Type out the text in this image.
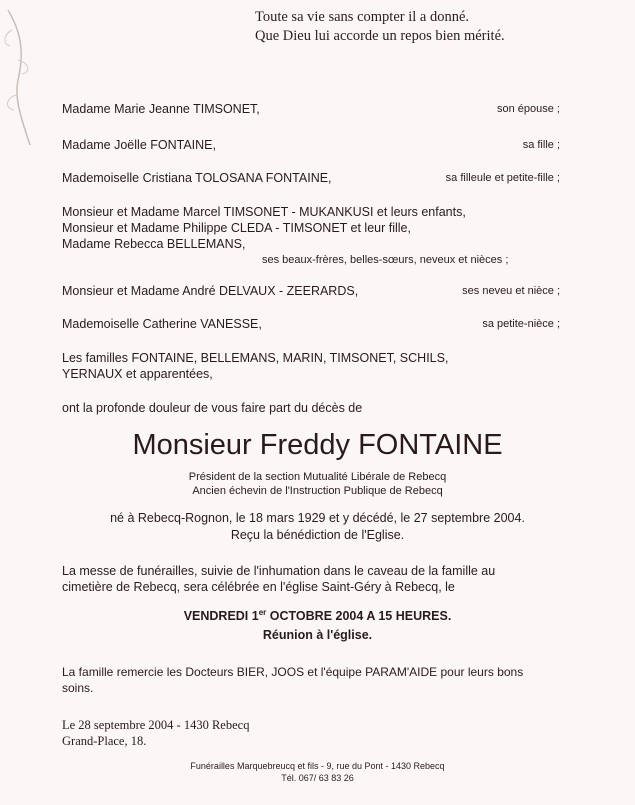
Toute sa vie sans compter il a donné.
Que Dieu lui accorde un repos bien mérité.
Madame Marie Jeanne TIMSONET,	son épouse ;
Madame Joëlle FONTAINE,	sa fille ;
Mademoiselle Cristiana TOLOSANA FONTAINE,	sa filleule et petite-fille ;
Monsieur et Madame Marcel TIMSONET - MUKANKUSI et leurs enfants,
Monsieur et Madame Philippe CLEDA - TIMSONET et leur fille,
Madame Rebecca BELLEMANS,
ses beaux-frères, belles-sœurs, neveux et nièces ;
Monsieur et Madame André DELVAUX - ZEERARDS,	ses neveu et nièce ;
Mademoiselle Catherine VANESSE,	sa petite-nièce ;
Les familles FONTAINE, BELLEMANS, MARIN, TIMSONET, SCHILS,
YERNAUX et apparentées,
ont la profonde douleur de vous faire part du décès de
Monsieur Freddy FONTAINE
Président de la section Mutualité Libérale de Rebecq
Ancien échevin de l'Instruction Publique de Rebecq
né à Rebecq-Rognon, le 18 mars 1929 et y décédé, le 27 septembre 2004.
Reçu la bénédiction de l'Eglise.
La messe de funérailles, suivie de l'inhumation dans le caveau de la famille au
cimetière de Rebecq, sera célébrée en l'église Saint-Géry à Rebecq, le
VENDREDI 1er OCTOBRE 2004 A 15 HEURES.
Réunion à l'église.
La famille remercie les Docteurs BIER, JOOS et l'équipe PARAM'AIDE pour leurs bons
soins.
Le 28 septembre 2004 - 1430 Rebecq
Grand-Place, 18.
Funérailles Marquebreucq et fils - 9, rue du Pont - 1430 Rebecq
Tél. 067/ 63 83 26
